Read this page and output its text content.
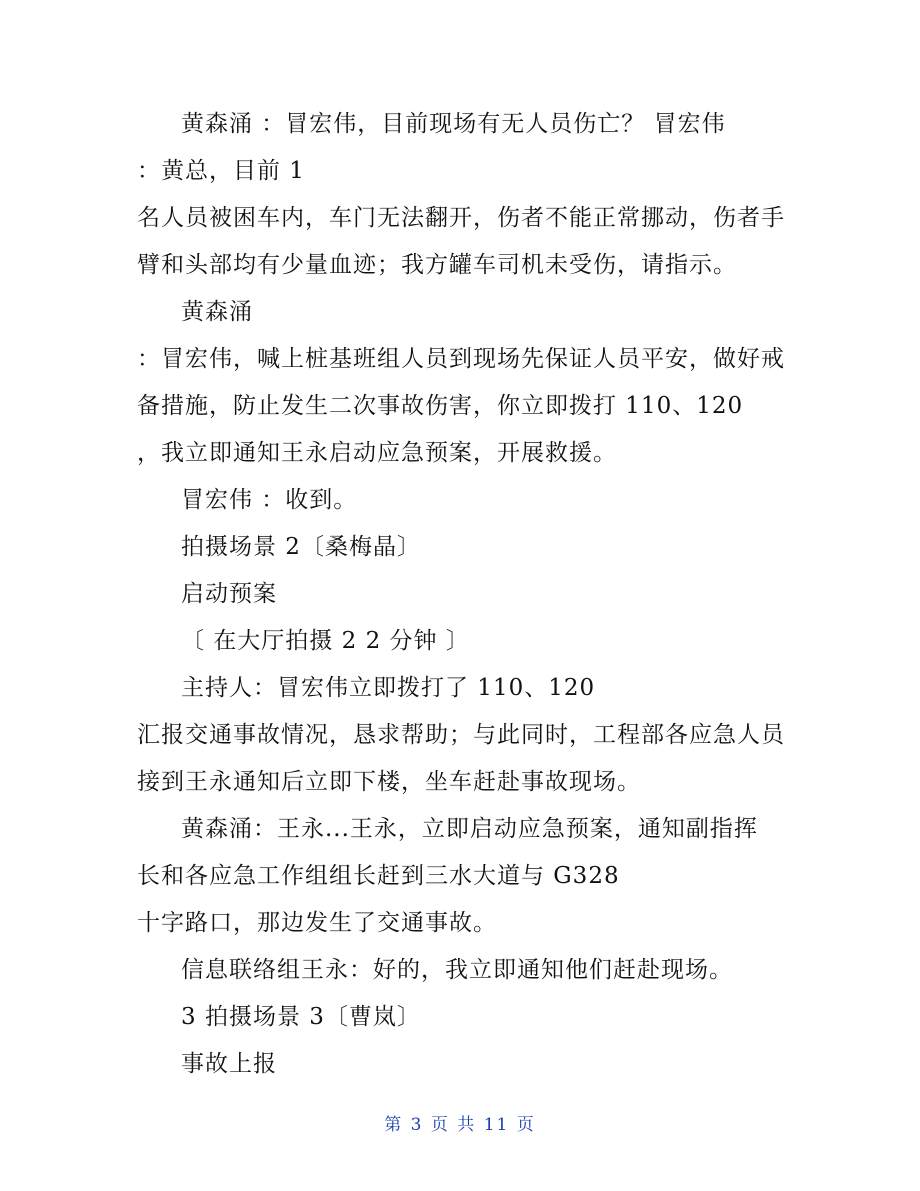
黄森涌 ：冒宏伟，目前现场有无人员伤亡？ 冒宏伟
：黄总，目前 1
名人员被困车内，车门无法翻开，伤者不能正常挪动，伤者手
臂和头部均有少量血迹；我方罐车司机未受伤，请指示。
黄森涌
：冒宏伟，喊上桩基班组人员到现场先保证人员平安，做好戒
备措施，防止发生二次事故伤害，你立即拨打 110、120
，我立即通知王永启动应急预案，开展救援。
冒宏伟 ：收到。
拍摄场景 2〔桑梅晶〕
启动预案
〔 在大厅拍摄 2 2 分钟 〕
主持人：冒宏伟立即拨打了 110、120
汇报交通事故情况，恳求帮助；与此同时，工程部各应急人员
接到王永通知后立即下楼，坐车赶赴事故现场。
黄森涌：王永...王永，立即启动应急预案，通知副指挥
长和各应急工作组组长赶到三水大道与 G328
十字路口，那边发生了交通事故。
信息联络组王永：好的，我立即通知他们赶赴现场。
3 拍摄场景 3〔曹岚〕
事故上报
第 3 页 共 11 页
